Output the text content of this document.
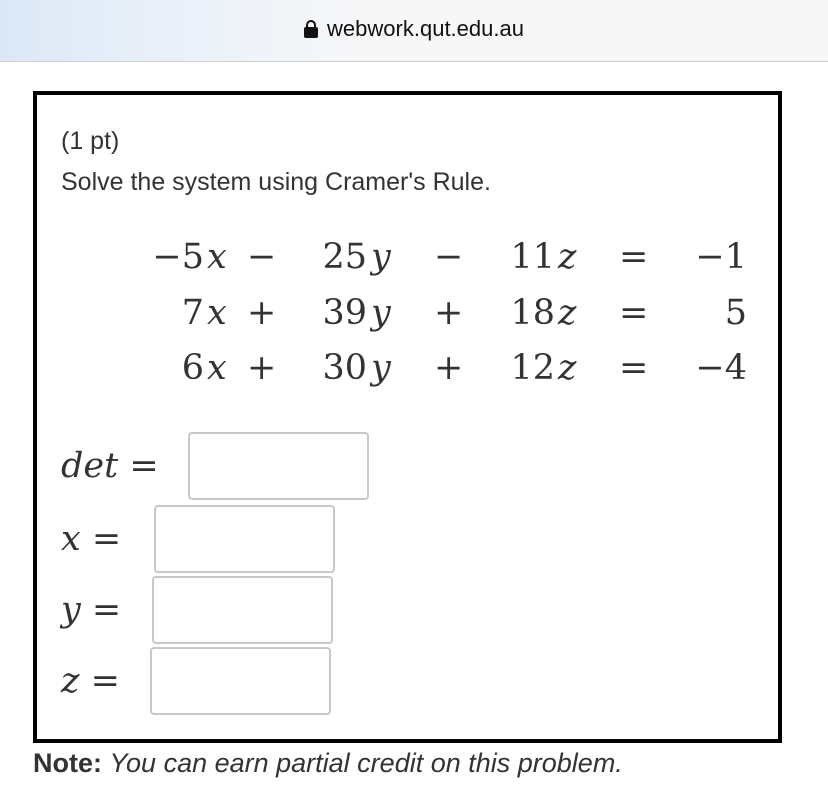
webwork.qut.edu.au
(1 pt)
Solve the system using Cramer's Rule.
−5 x −	25 y −	11 z =	−1
7 x +	39 y +	18 z =	5
6 x +	30 y +	12 z =	−4
det =
x =
y =
z =
Note: You can earn partial credit on this problem.
